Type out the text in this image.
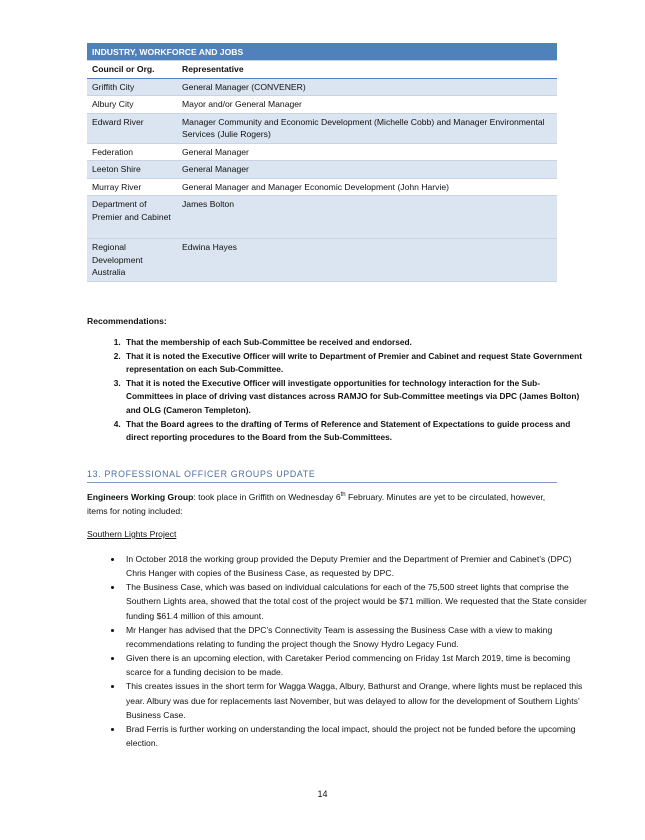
INDUSTRY, WORKFORCE AND JOBS	
Council or Org.	Representative
Griffith City	General Manager (CONVENER)
Albury City	Mayor and/or General Manager
Edward River	Manager Community and Economic Development (Michelle Cobb) and Manager Environmental Services (Julie Rogers)
Federation	General Manager
Leeton Shire	General Manager
Murray River	General Manager and Manager Economic Development (John Harvie)
Department of Premier and Cabinet	James Bolton
Regional Development Australia	Edwina Hayes
Recommendations:
1. That the membership of each Sub-Committee be received and endorsed.
2. That it is noted the Executive Officer will write to Department of Premier and Cabinet and request State Government representation on each Sub-Committee.
3. That it is noted the Executive Officer will investigate opportunities for technology interaction for the Sub-Committees in place of driving vast distances across RAMJO for Sub-Committee meetings via DPC (James Bolton) and OLG (Cameron Templeton).
4. That the Board agrees to the drafting of Terms of Reference and Statement of Expectations to guide process and direct reporting procedures to the Board from the Sub-Committees.
13. PROFESSIONAL OFFICER GROUPS UPDATE
Engineers Working Group: took place in Griffith on Wednesday 6th February. Minutes are yet to be circulated, however, items for noting included:
Southern Lights Project
• In October 2018 the working group provided the Deputy Premier and the Department of Premier and Cabinet’s (DPC) Chris Hanger with copies of the Business Case, as requested by DPC.
• The Business Case, which was based on individual calculations for each of the 75,500 street lights that comprise the Southern Lights area, showed that the total cost of the project would be $71 million. We requested that the State consider funding $61.4 million of this amount.
• Mr Hanger has advised that the DPC’s Connectivity Team is assessing the Business Case with a view to making recommendations relating to funding the project though the Snowy Hydro Legacy Fund.
• Given there is an upcoming election, with Caretaker Period commencing on Friday 1st March 2019, time is becoming scarce for a funding decision to be made.
• This creates issues in the short term for Wagga Wagga, Albury, Bathurst and Orange, where lights must be replaced this year. Albury was due for replacements last November, but was delayed to allow for the development of Southern Lights’ Business Case.
• Brad Ferris is further working on understanding the local impact, should the project not be funded before the upcoming election.
14
